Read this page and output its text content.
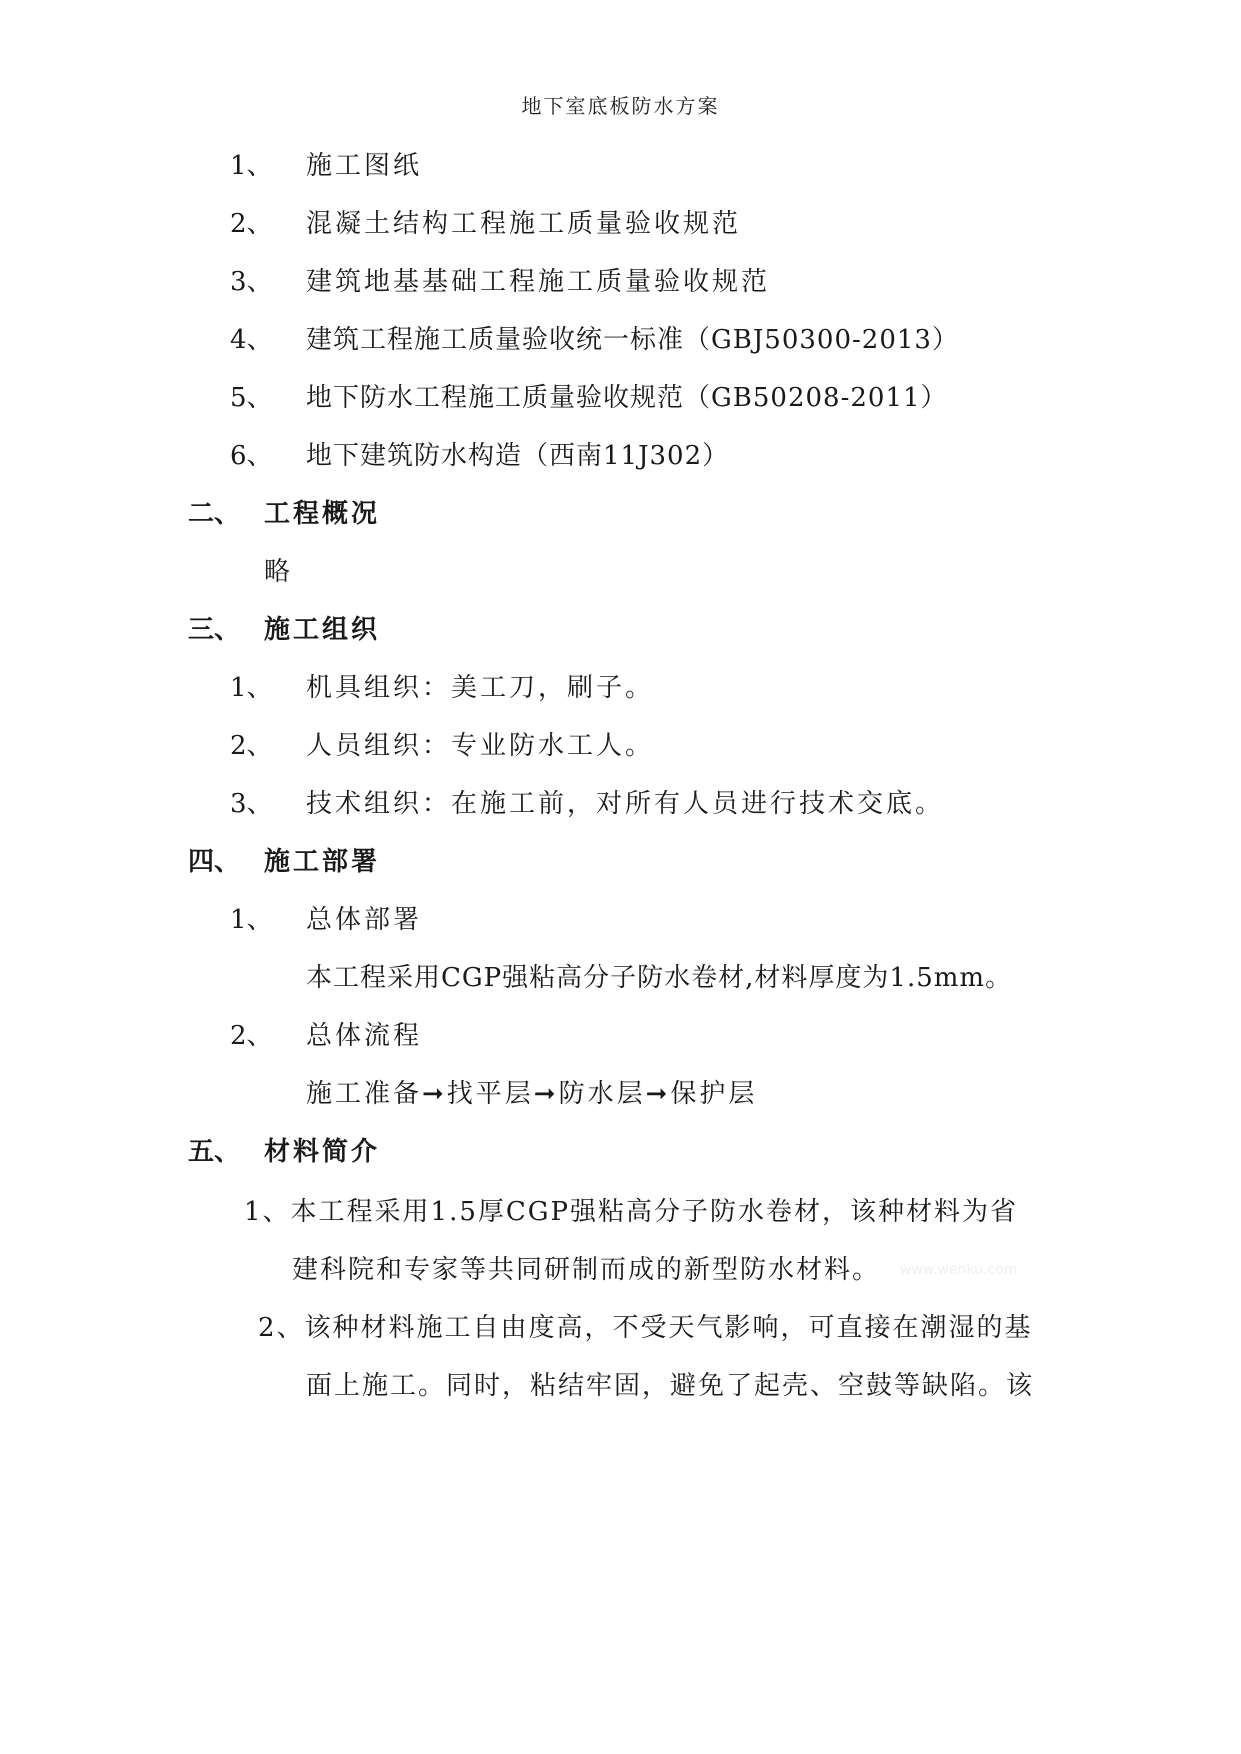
地下室底板防水方案
1、 施工图纸
2、 混凝土结构工程施工质量验收规范
3、 建筑地基基础工程施工质量验收规范
4、 建筑工程施工质量验收统一标准（GBJ50300-2013）
5、 地下防水工程施工质量验收规范（GB50208-2011）
6、 地下建筑防水构造（西南11J302）
二、 工程概况
略
三、 施工组织
1、 机具组织：美工刀，刷子。
2、 人员组织：专业防水工人。
3、 技术组织：在施工前，对所有人员进行技术交底。
四、 施工部署
1、 总体部署
本工程采用CGP强粘高分子防水卷材,材料厚度为1.5mm。
2、 总体流程
施工准备➞找平层➞防水层➞保护层
五、 材料简介
1、本工程采用1.5厚CGP强粘高分子防水卷材，该种材料为省
建科院和专家等共同研制而成的新型防水材料。 www.wenku.com
2、该种材料施工自由度高，不受天气影响，可直接在潮湿的基
面上施工。同时，粘结牢固，避免了起壳、空鼓等缺陷。该
